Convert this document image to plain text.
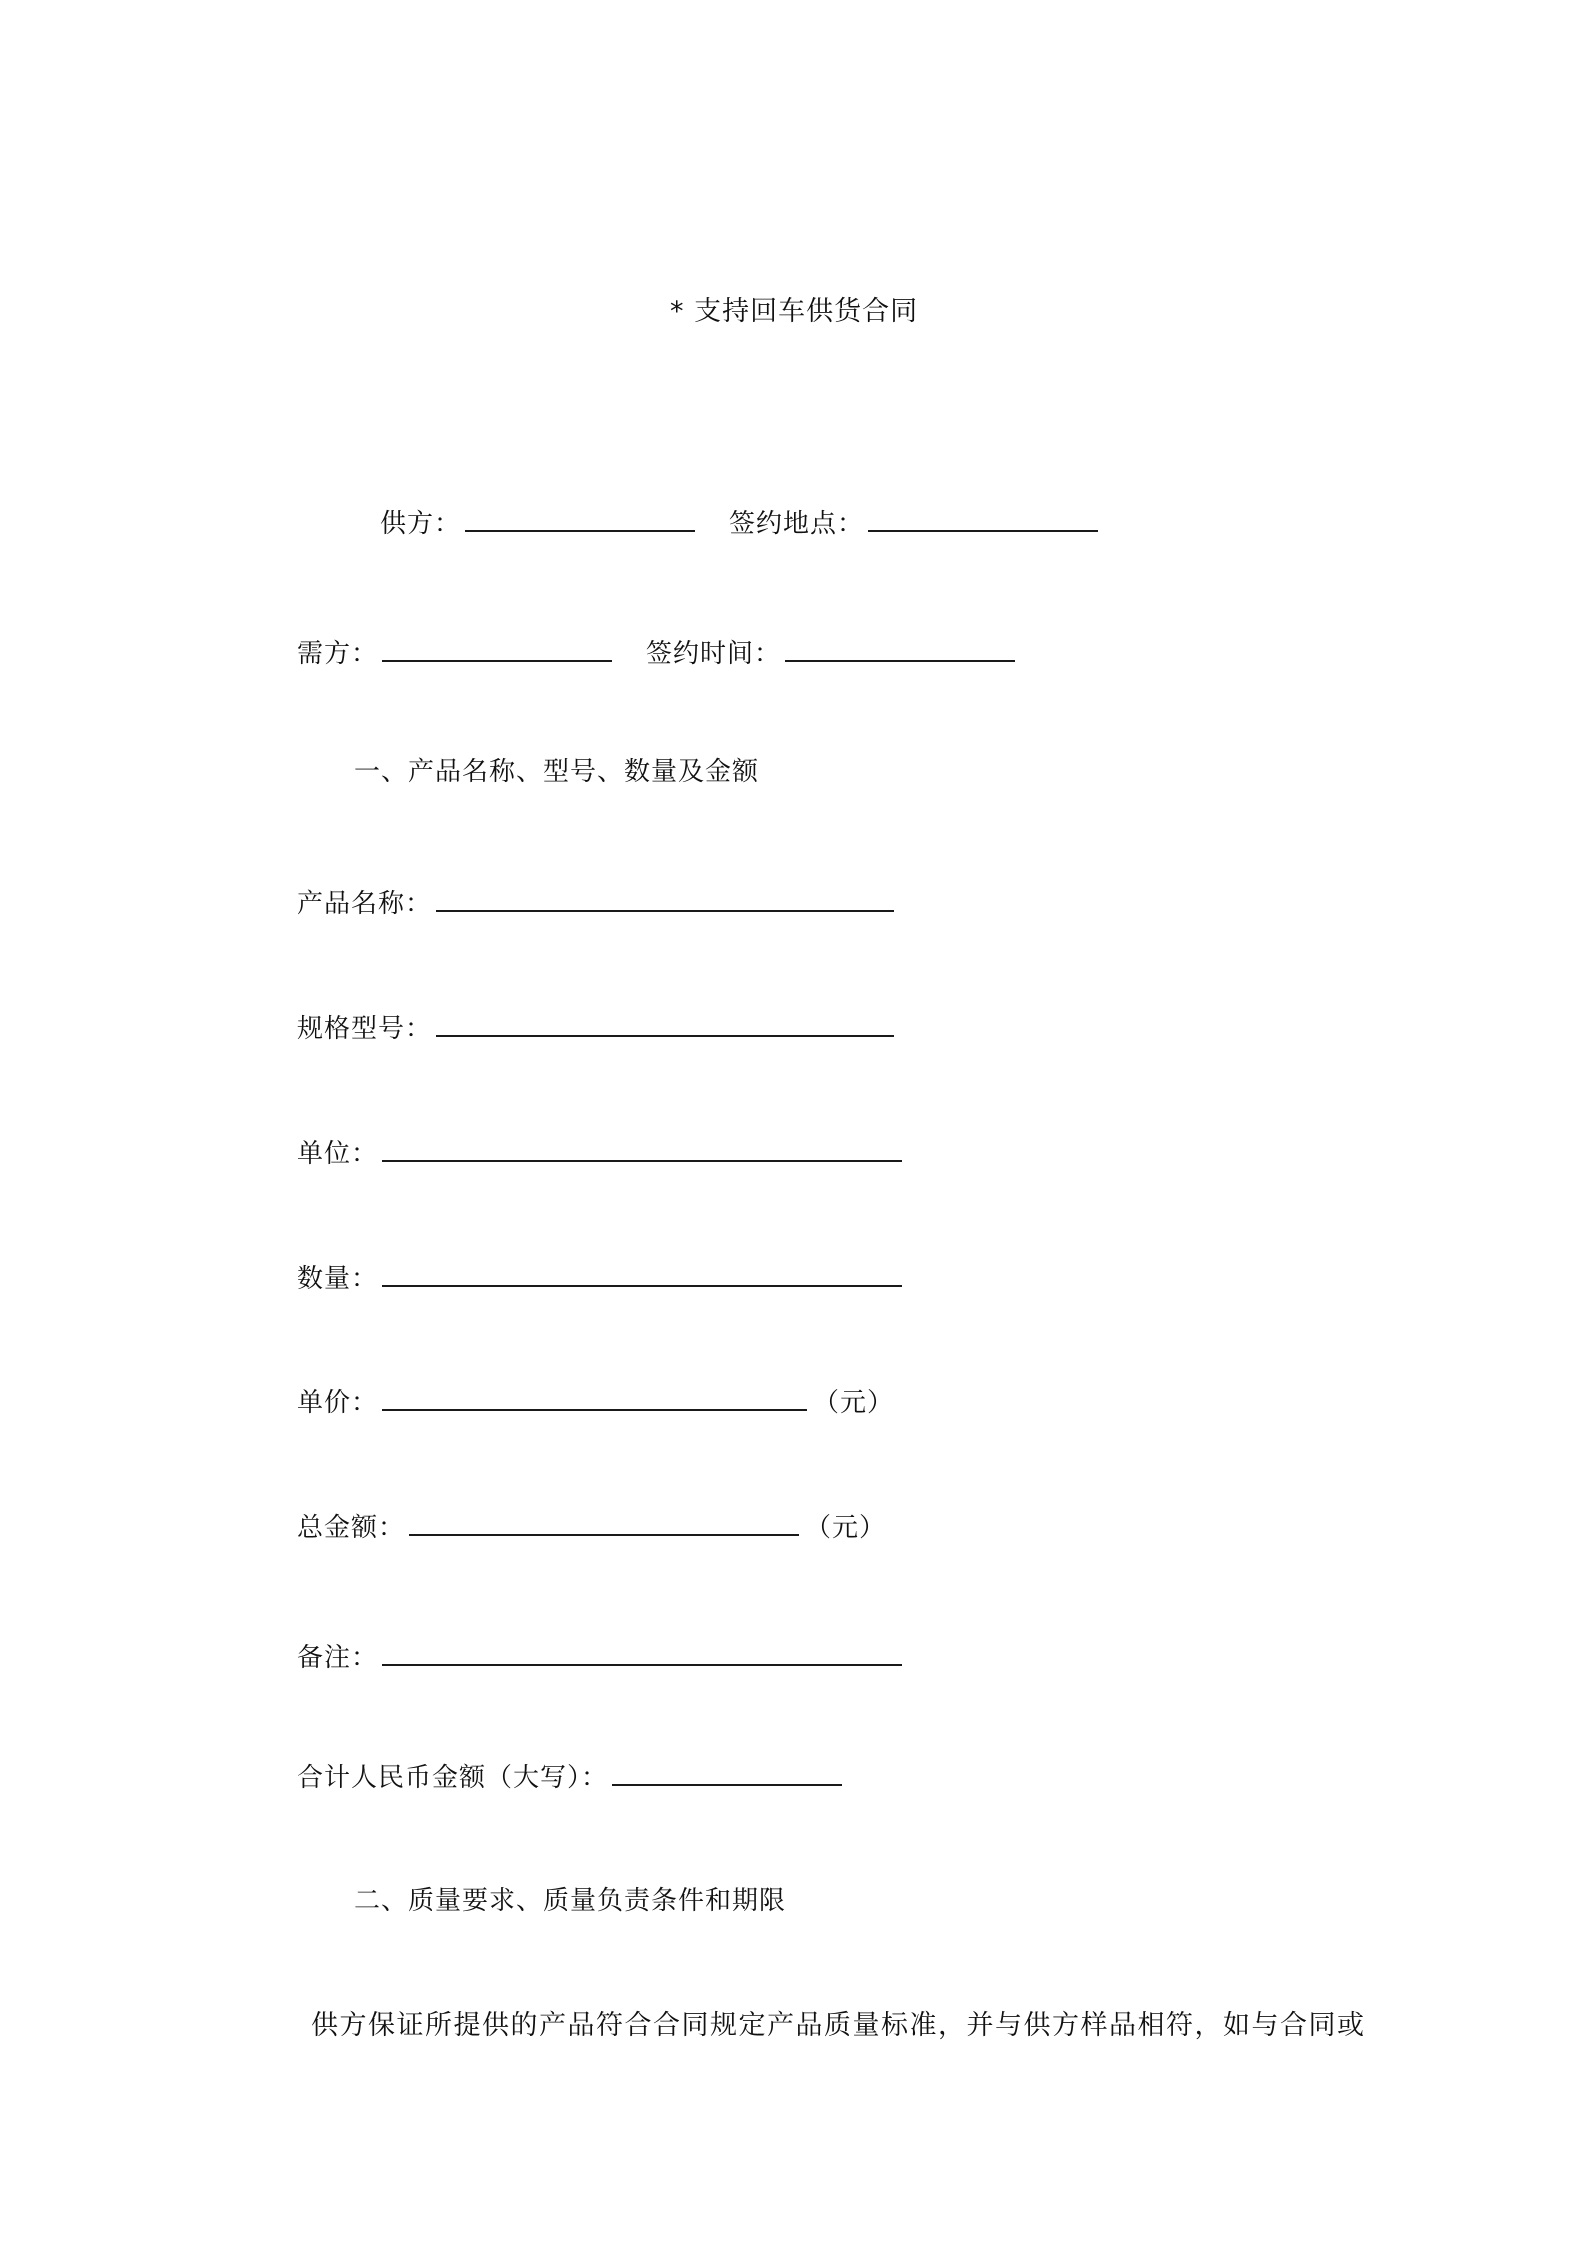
* 支持回车供货合同
供方：	签约地点：
需方：	签约时间：
一、产品名称、型号、数量及金额
产品名称：
规格型号：
单位：
数量：
单价：	（元）
总金额：	（元）
备注：
合计人民币金额（大写）：
二、质量要求、质量负责条件和期限
供方保证所提供的产品符合合同规定产品质量标准，并与供方样品相符，如与合同或
